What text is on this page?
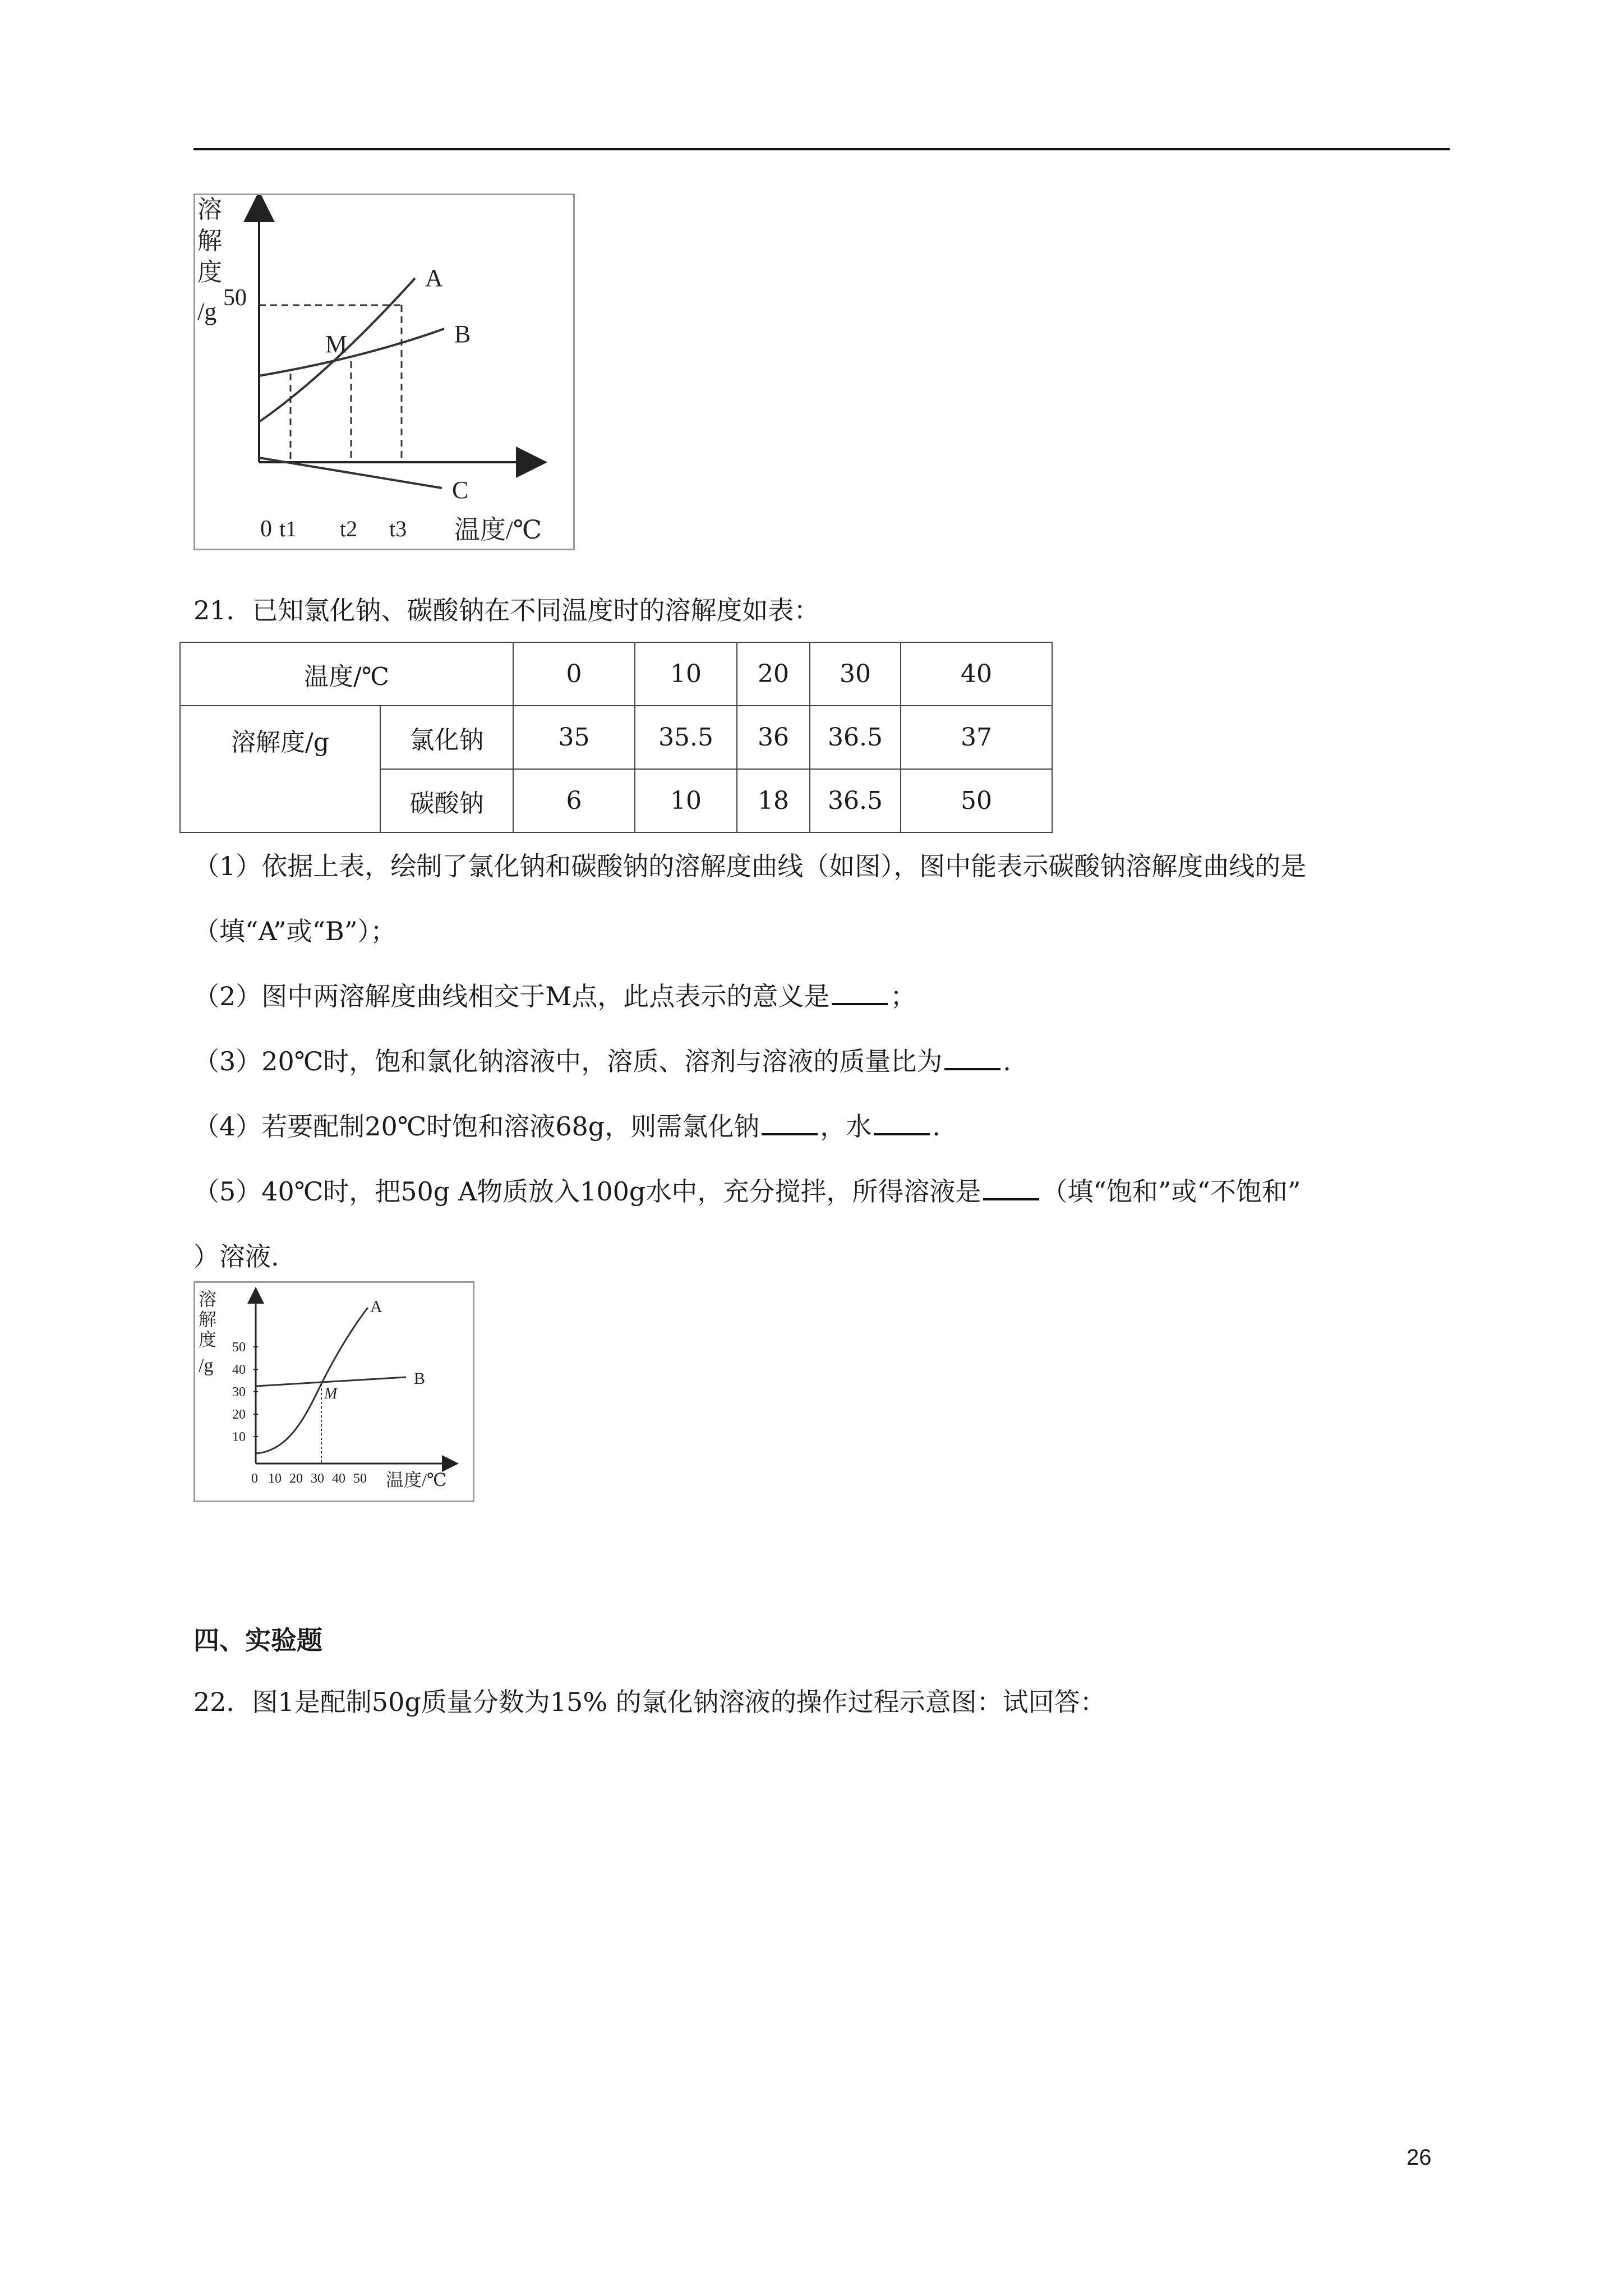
溶
解
度
/g 50
A
B
C
M
0 t1 t2 t3 温度/℃
21．已知氯化钠、碳酸钠在不同温度时的溶解度如表：
温度/℃		0	10	20	30	40
溶解度/g	氯化钠	35	35.5	36	36.5	37
	碳酸钠	6	10	18	36.5	50
（1）依据上表，绘制了氯化钠和碳酸钠的溶解度曲线（如图），图中能表示碳酸钠溶解度曲线的是
（填“A”或“B”）；
（2）图中两溶解度曲线相交于M点，此点表示的意义是 ；
（3）20℃时，饱和氯化钠溶液中，溶质、溶剂与溶液的质量比为 .
（4）若要配制20℃时饱和溶液68g，则需氯化钠 ，水 .
（5）40℃时，把50g A物质放入100g水中，充分搅拌，所得溶液是 （填“饱和”或“不饱和”
）溶液.
溶
解
度
/g
50
40
30
20
10
A
B
M
0 10 20 30 40 50 温度/℃
四、实验题
22．图1是配制50g质量分数为15% 的氯化钠溶液的操作过程示意图：试回答：
26
